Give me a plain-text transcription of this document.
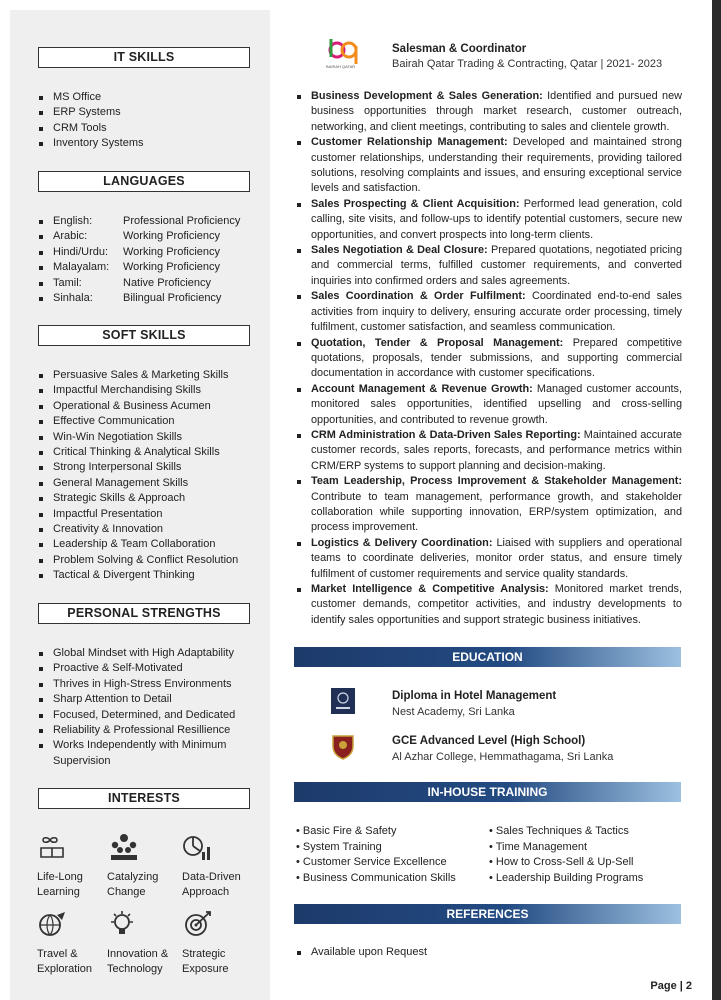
IT SKILLS
MS Office
ERP Systems
CRM Tools
Inventory Systems
LANGUAGES
English:	Professional Proficiency
Arabic:	Working Proficiency
Hindi/Urdu:	Working Proficiency
Malayalam:	Working Proficiency
Tamil:	Native Proficiency
Sinhala:	Bilingual Proficiency
SOFT SKILLS
Persuasive Sales & Marketing Skills
Impactful Merchandising Skills
Operational & Business Acumen
Effective Communication
Win-Win Negotiation Skills
Critical Thinking & Analytical Skills
Strong Interpersonal Skills
General Management Skills
Strategic Skills & Approach
Impactful Presentation
Creativity & Innovation
Leadership & Team Collaboration
Problem Solving & Conflict Resolution
Tactical & Divergent Thinking
PERSONAL STRENGTHS
Global Mindset with High Adaptability
Proactive & Self-Motivated
Thrives in High-Stress Environments
Sharp Attention to Detail
Focused, Determined, and Dedicated
Reliability & Professional Resillience
Works Independently with Minimum Supervision
INTERESTS
Life-Long
Learning
Catalyzing
Change
Data-Driven
Approach
Travel &
Exploration
Innovation &
Technology
Strategic
Exposure
BAIRAH QATAR
Salesman & Coordinator
Bairah Qatar Trading & Contracting, Qatar | 2021- 2023
Business Development & Sales Generation: Identified and pursued new business opportunities through market research, customer outreach, networking, and client meetings, contributing to sales and clientele growth.
Customer Relationship Management: Developed and maintained strong customer relationships, understanding their requirements, providing tailored solutions, resolving complaints and issues, and ensuring exceptional service levels and satisfaction.
Sales Prospecting & Client Acquisition: Performed lead generation, cold calling, site visits, and follow-ups to identify potential customers, secure new opportunities, and convert prospects into long-term clients.
Sales Negotiation & Deal Closure: Prepared quotations, negotiated pricing and commercial terms, fulfilled customer requirements, and converted inquiries into confirmed orders and sales agreements.
Sales Coordination & Order Fulfilment: Coordinated end-to-end sales activities from inquiry to delivery, ensuring accurate order processing, timely fulfilment, customer satisfaction, and seamless communication.
Quotation, Tender & Proposal Management: Prepared competitive quotations, proposals, tender submissions, and supporting commercial documentation in accordance with customer specifications.
Account Management & Revenue Growth: Managed customer accounts, monitored sales opportunities, identified upselling and cross-selling opportunities, and contributed to revenue growth.
CRM Administration & Data-Driven Sales Reporting: Maintained accurate customer records, sales reports, forecasts, and performance metrics within CRM/ERP systems to support planning and decision-making.
Team Leadership, Process Improvement & Stakeholder Management: Contribute to team management, performance growth, and stakeholder collaboration while supporting innovation, ERP/system optimization, and process improvement.
Logistics & Delivery Coordination: Liaised with suppliers and operational teams to coordinate deliveries, monitor order status, and ensure timely fulfilment of customer requirements and service quality standards.
Market Intelligence & Competitive Analysis: Monitored market trends, customer demands, competitor activities, and industry developments to identify sales opportunities and support strategic business initiatives.
EDUCATION
Diploma in Hotel Management
Nest Academy, Sri Lanka
GCE Advanced Level (High School)
Al Azhar College, Hemmathagama, Sri Lanka
IN-HOUSE TRAINING
• Basic Fire & Safety
• System Training
• Customer Service Excellence
• Business Communication Skills
• Sales Techniques & Tactics
• Time Management
• How to Cross-Sell & Up-Sell
• Leadership Building Programs
REFERENCES
Available upon Request
Page | 2
